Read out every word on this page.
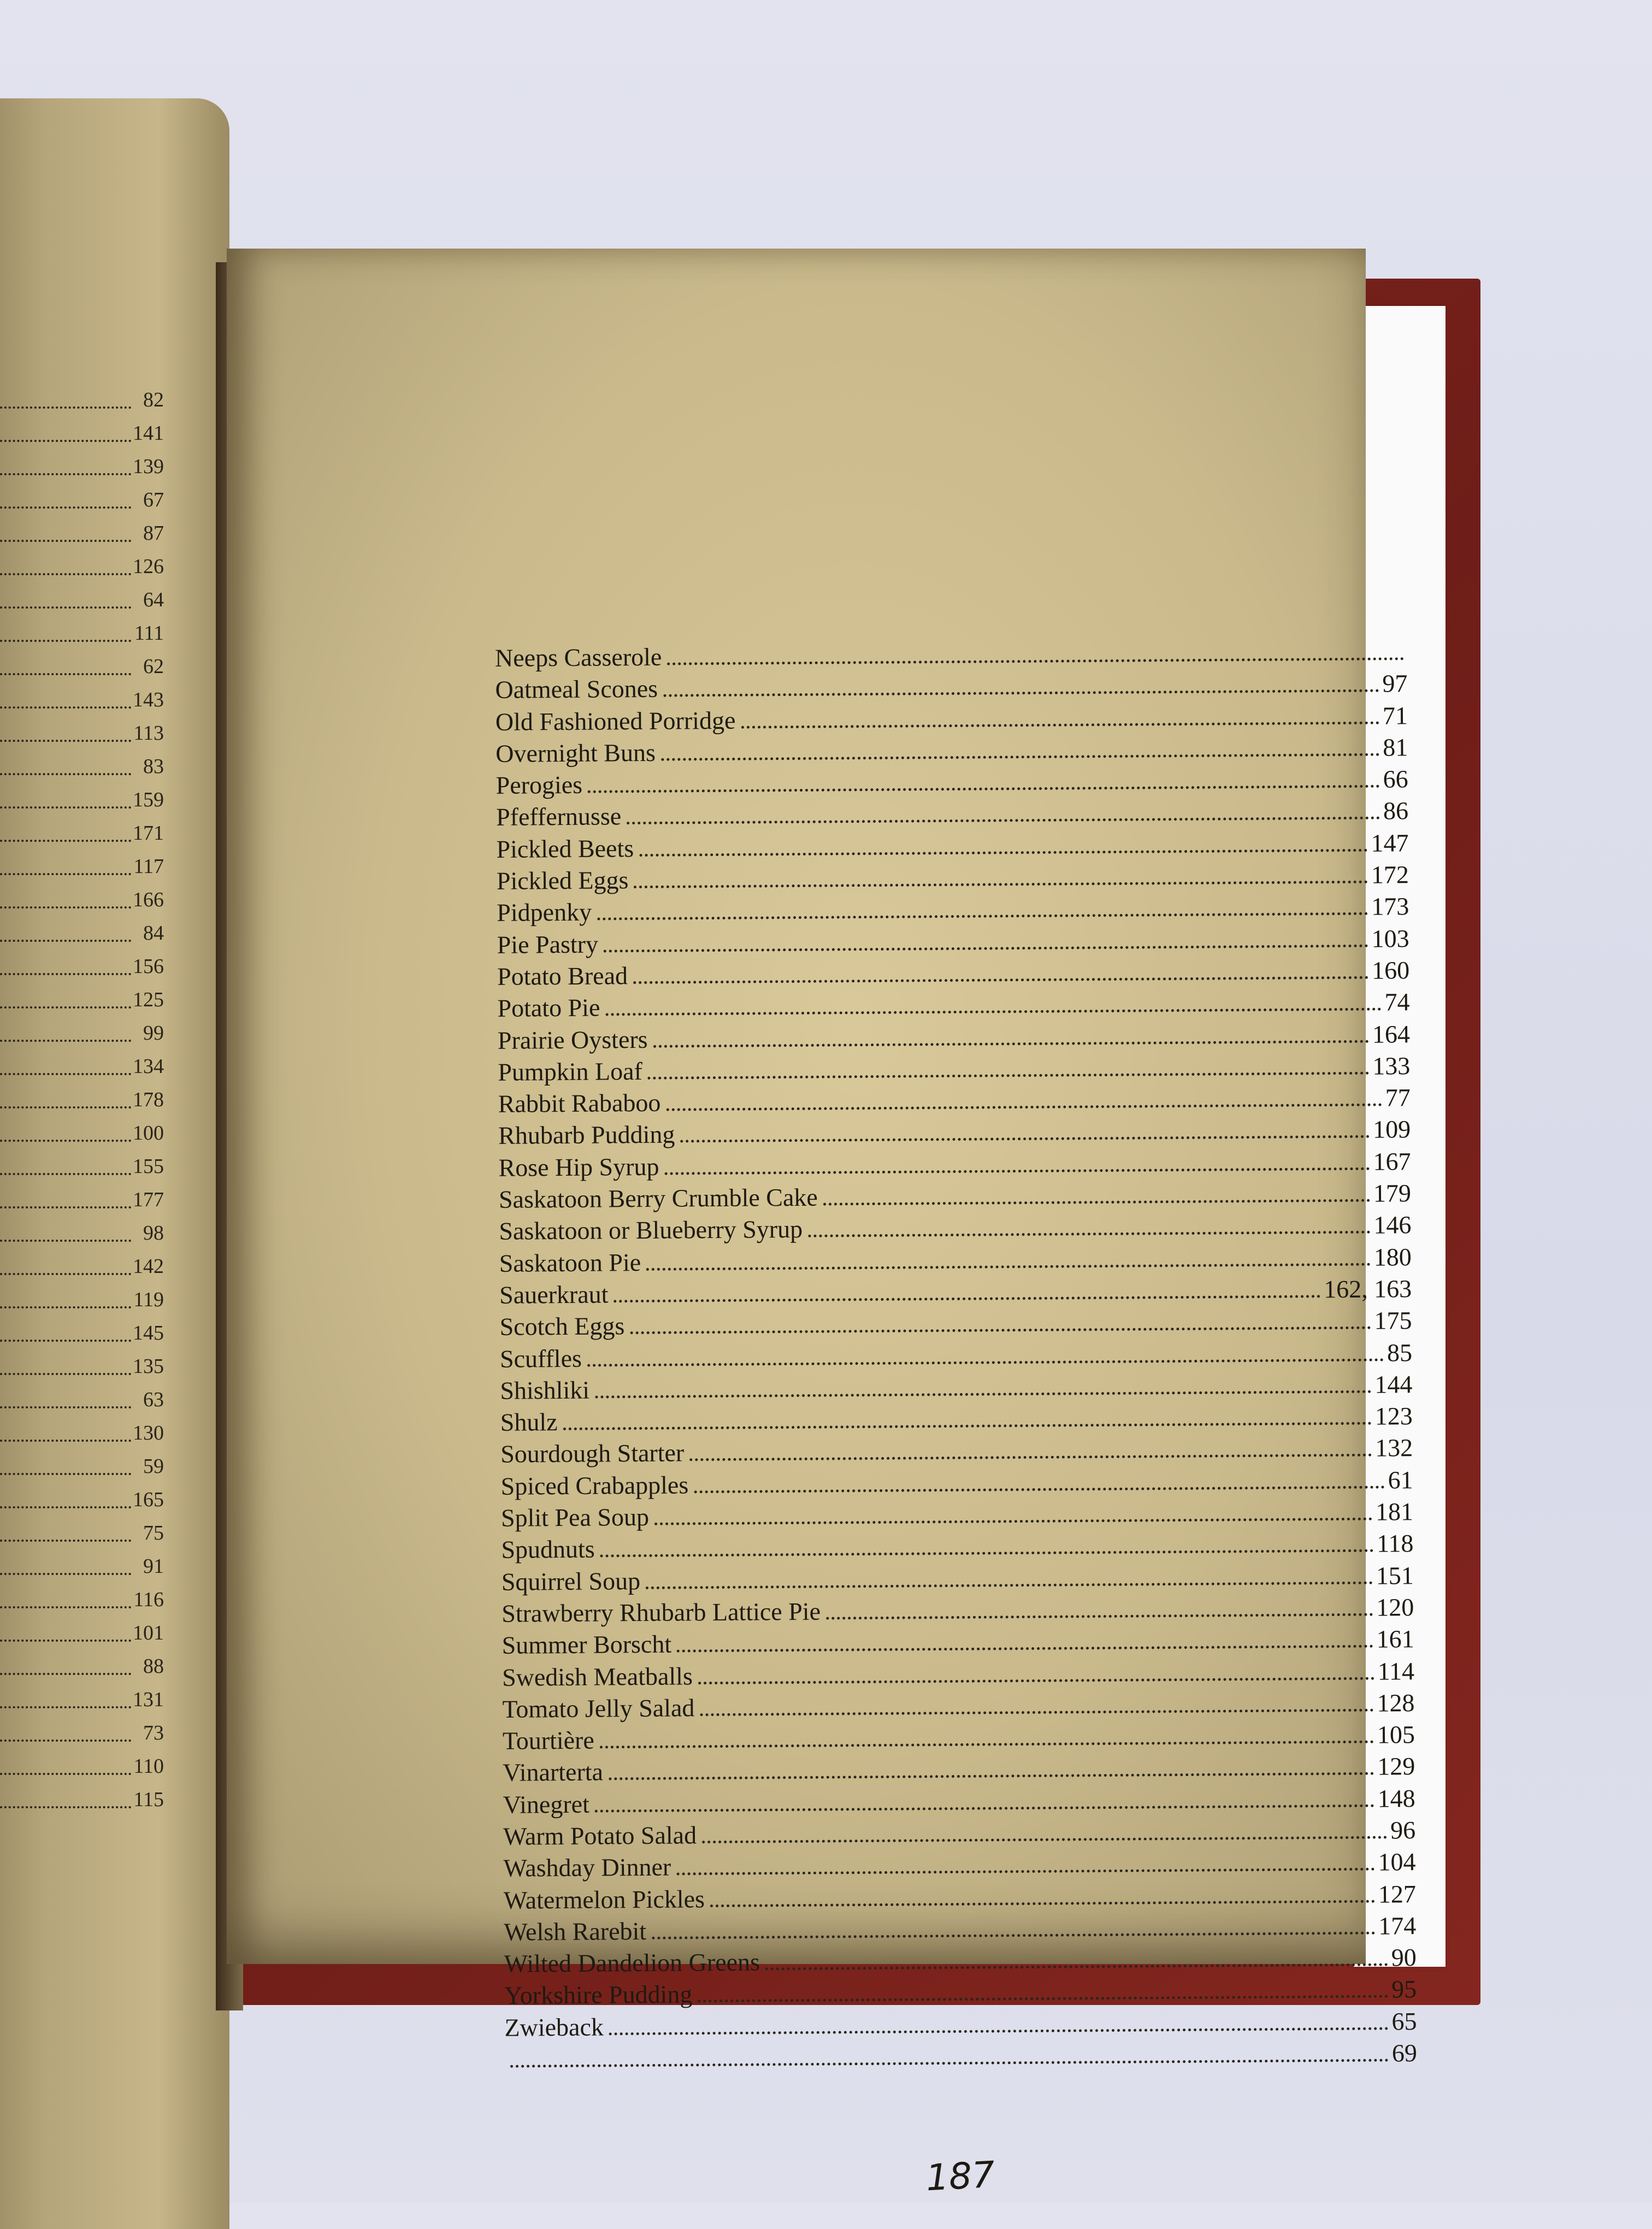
82
141
139
67
87
126
64
111
62
143
113
83
159
171
117
166
84
156
125
99
134
178
100
155
177
98
142
119
145
135
63
130
59
165
75
91
116
101
88
131
73
110
115
Neeps Casserole
Oatmeal Scones	97
Old Fashioned Porridge	71
Overnight Buns	81
Perogies	66
Pfeffernusse	86
Pickled Beets	147
Pickled Eggs	172
Pidpenky	173
Pie Pastry	103
Potato Bread	160
Potato Pie	74
Prairie Oysters	164
Pumpkin Loaf	133
Rabbit Rababoo	77
Rhubarb Pudding	109
Rose Hip Syrup	167
Saskatoon Berry Crumble Cake	179
Saskatoon or Blueberry Syrup	146
Saskatoon Pie	180
Sauerkraut	162, 163
Scotch Eggs	175
Scuffles	85
Shishliki	144
Shulz	123
Sourdough Starter	132
Spiced Crabapples	61
Split Pea Soup	181
Spudnuts	118
Squirrel Soup	151
Strawberry Rhubarb Lattice Pie	120
Summer Borscht	161
Swedish Meatballs	114
Tomato Jelly Salad	128
Tourtière	105
Vinarterta	129
Vinegret	148
Warm Potato Salad	96
Washday Dinner	104
Watermelon Pickles	127
Welsh Rarebit	174
Wilted Dandelion Greens	90
Yorkshire Pudding	95
Zwieback	65
69
187
